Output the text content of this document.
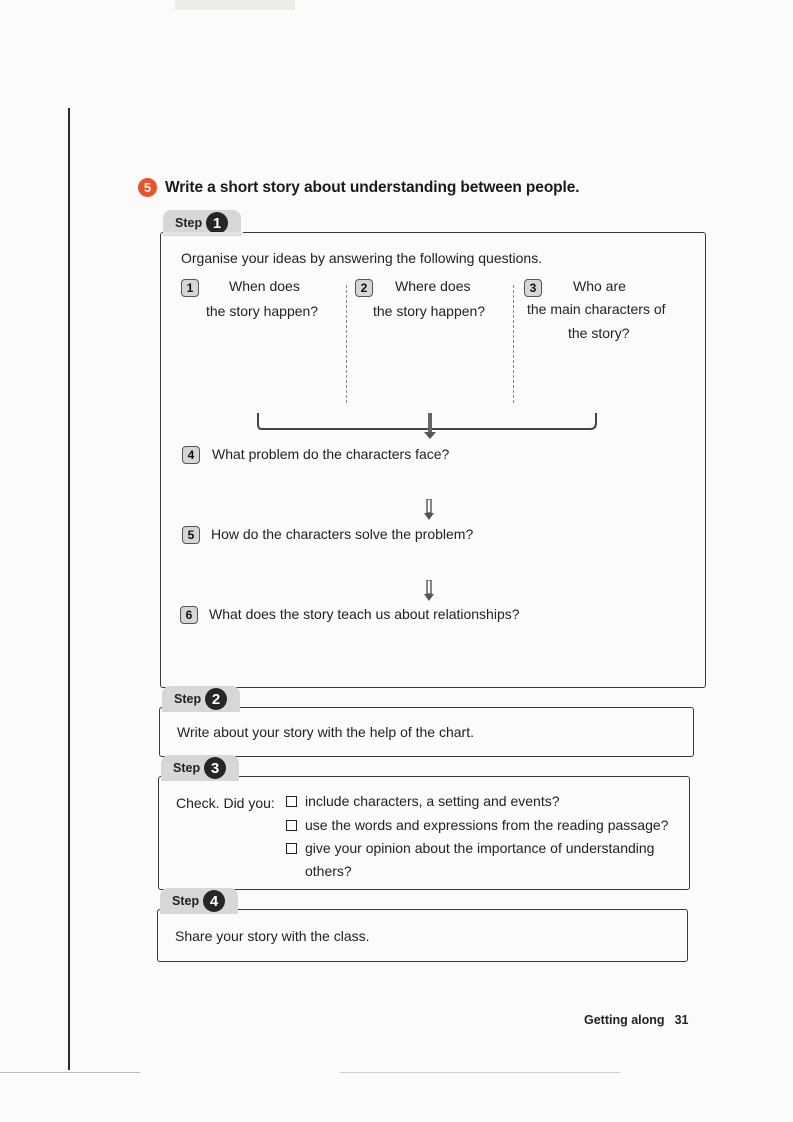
5 Write a short story about understanding between people.
Step 1
Organise your ideas by answering the following questions.
1	When does
the story happen?
2	Where does
the story happen?
3	Who are
the main characters of
the story?
4	What problem do the characters face?
5	How do the characters solve the problem?
6	What does the story teach us about relationships?
Step 2
Write about your story with the help of the chart.
Step 3
Check. Did you:	include characters, a setting and events?
use the words and expressions from the reading passage?
give your opinion about the importance of understanding
others?
Step 4
Share your story with the class.
Getting along 31
